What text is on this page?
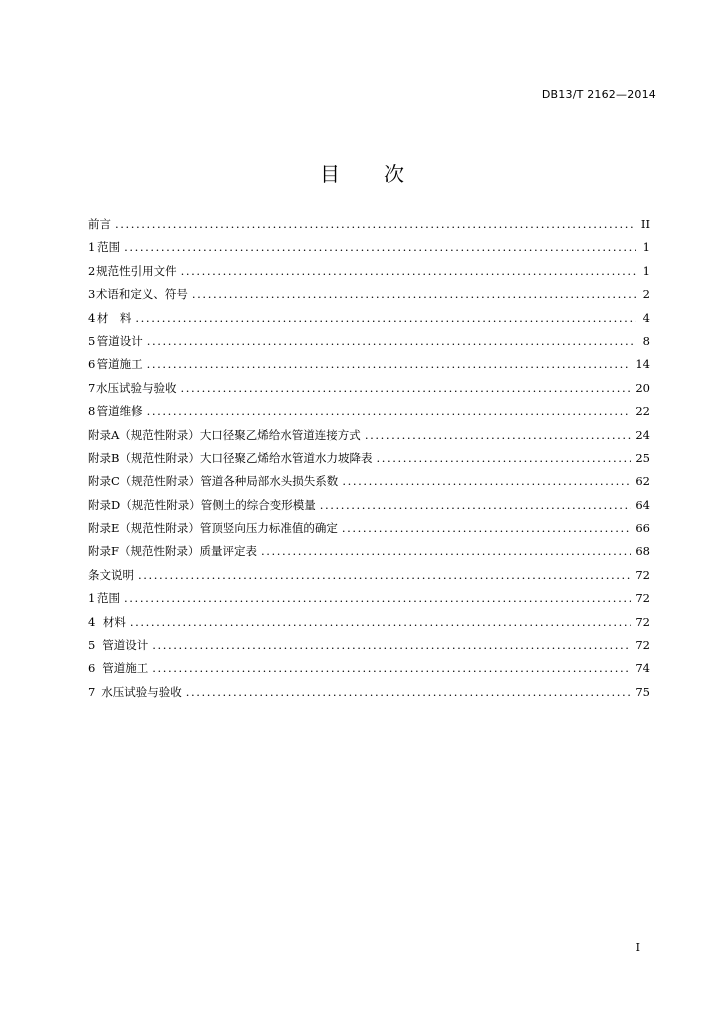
DB13/T 2162—2014
目 次
前言 .....	II
1 范围 .....	1
2 规范性引用文件 .....	1
3 术语和定义、符号 .....	2
4 材　料 .....	4
5 管道设计 .....	8
6 管道施工 .....	14
7 水压试验与验收 .....	20
8 管道维修 .....	22
附录A（规范性附录） 大口径聚乙烯给水管道连接方式 .....	24
附录B（规范性附录） 大口径聚乙烯给水管道水力坡降表 .....	25
附录C（规范性附录） 管道各种局部水头损失系数 .....	62
附录D（规范性附录） 管侧土的综合变形模量 .....	64
附录E（规范性附录） 管顶竖向压力标准值的确定 .....	66
附录F（规范性附录） 质量评定表 .....	68
条文说明 .....	72
1 范围 .....	72
4 材料 .....	72
5 管道设计 .....	72
6 管道施工 .....	74
7 水压试验与验收 .....	75
I
